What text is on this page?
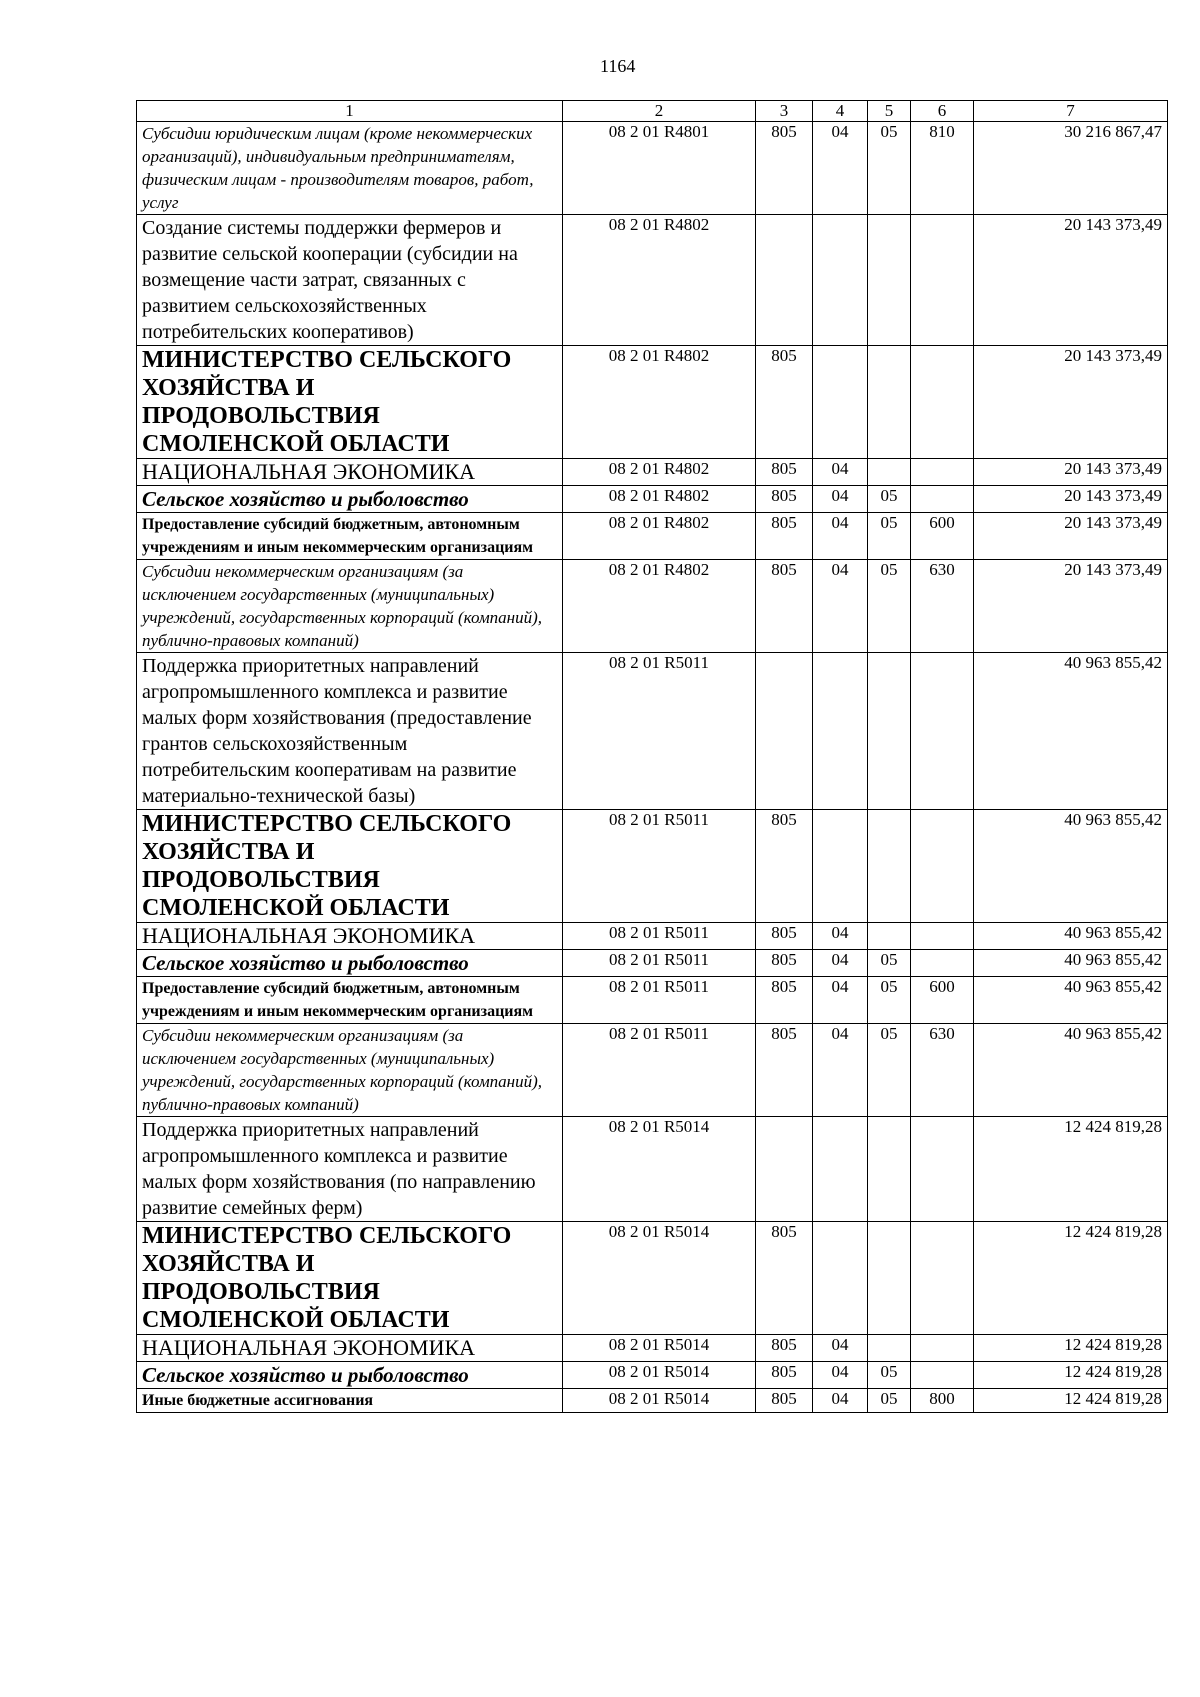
1164
1	2	3	4	5	6	7
Субсидии юридическим лицам (кроме некоммерческих организаций), индивидуальным предпринимателям, физическим лицам - производителям товаров, работ, услуг	08 2 01 R4801	805	04	05	810	30 216 867,47
Создание системы поддержки фермеров и развитие сельской кооперации (субсидии на возмещение части затрат, связанных с развитием сельскохозяйственных потребительских кооперативов)	08 2 01 R4802					20 143 373,49
МИНИСТЕРСТВО СЕЛЬСКОГО ХОЗЯЙСТВА И ПРОДОВОЛЬСТВИЯ СМОЛЕНСКОЙ ОБЛАСТИ	08 2 01 R4802	805				20 143 373,49
НАЦИОНАЛЬНАЯ ЭКОНОМИКА	08 2 01 R4802	805	04			20 143 373,49
Сельское хозяйство и рыболовство	08 2 01 R4802	805	04	05		20 143 373,49
Предоставление субсидий бюджетным, автономным учреждениям и иным некоммерческим организациям	08 2 01 R4802	805	04	05	600	20 143 373,49
Субсидии некоммерческим организациям (за исключением государственных (муниципальных) учреждений, государственных корпораций (компаний), публично-правовых компаний)	08 2 01 R4802	805	04	05	630	20 143 373,49
Поддержка приоритетных направлений агропромышленного комплекса и развитие малых форм хозяйствования (предоставление грантов сельскохозяйственным потребительским кооперативам на развитие материально-технической базы)	08 2 01 R5011					40 963 855,42
МИНИСТЕРСТВО СЕЛЬСКОГО ХОЗЯЙСТВА И ПРОДОВОЛЬСТВИЯ СМОЛЕНСКОЙ ОБЛАСТИ	08 2 01 R5011	805				40 963 855,42
НАЦИОНАЛЬНАЯ ЭКОНОМИКА	08 2 01 R5011	805	04			40 963 855,42
Сельское хозяйство и рыболовство	08 2 01 R5011	805	04	05		40 963 855,42
Предоставление субсидий бюджетным, автономным учреждениям и иным некоммерческим организациям	08 2 01 R5011	805	04	05	600	40 963 855,42
Субсидии некоммерческим организациям (за исключением государственных (муниципальных) учреждений, государственных корпораций (компаний), публично-правовых компаний)	08 2 01 R5011	805	04	05	630	40 963 855,42
Поддержка приоритетных направлений агропромышленного комплекса и развитие малых форм хозяйствования (по направлению развитие семейных ферм)	08 2 01 R5014					12 424 819,28
МИНИСТЕРСТВО СЕЛЬСКОГО ХОЗЯЙСТВА И ПРОДОВОЛЬСТВИЯ СМОЛЕНСКОЙ ОБЛАСТИ	08 2 01 R5014	805				12 424 819,28
НАЦИОНАЛЬНАЯ ЭКОНОМИКА	08 2 01 R5014	805	04			12 424 819,28
Сельское хозяйство и рыболовство	08 2 01 R5014	805	04	05		12 424 819,28
Иные бюджетные ассигнования	08 2 01 R5014	805	04	05	800	12 424 819,28
